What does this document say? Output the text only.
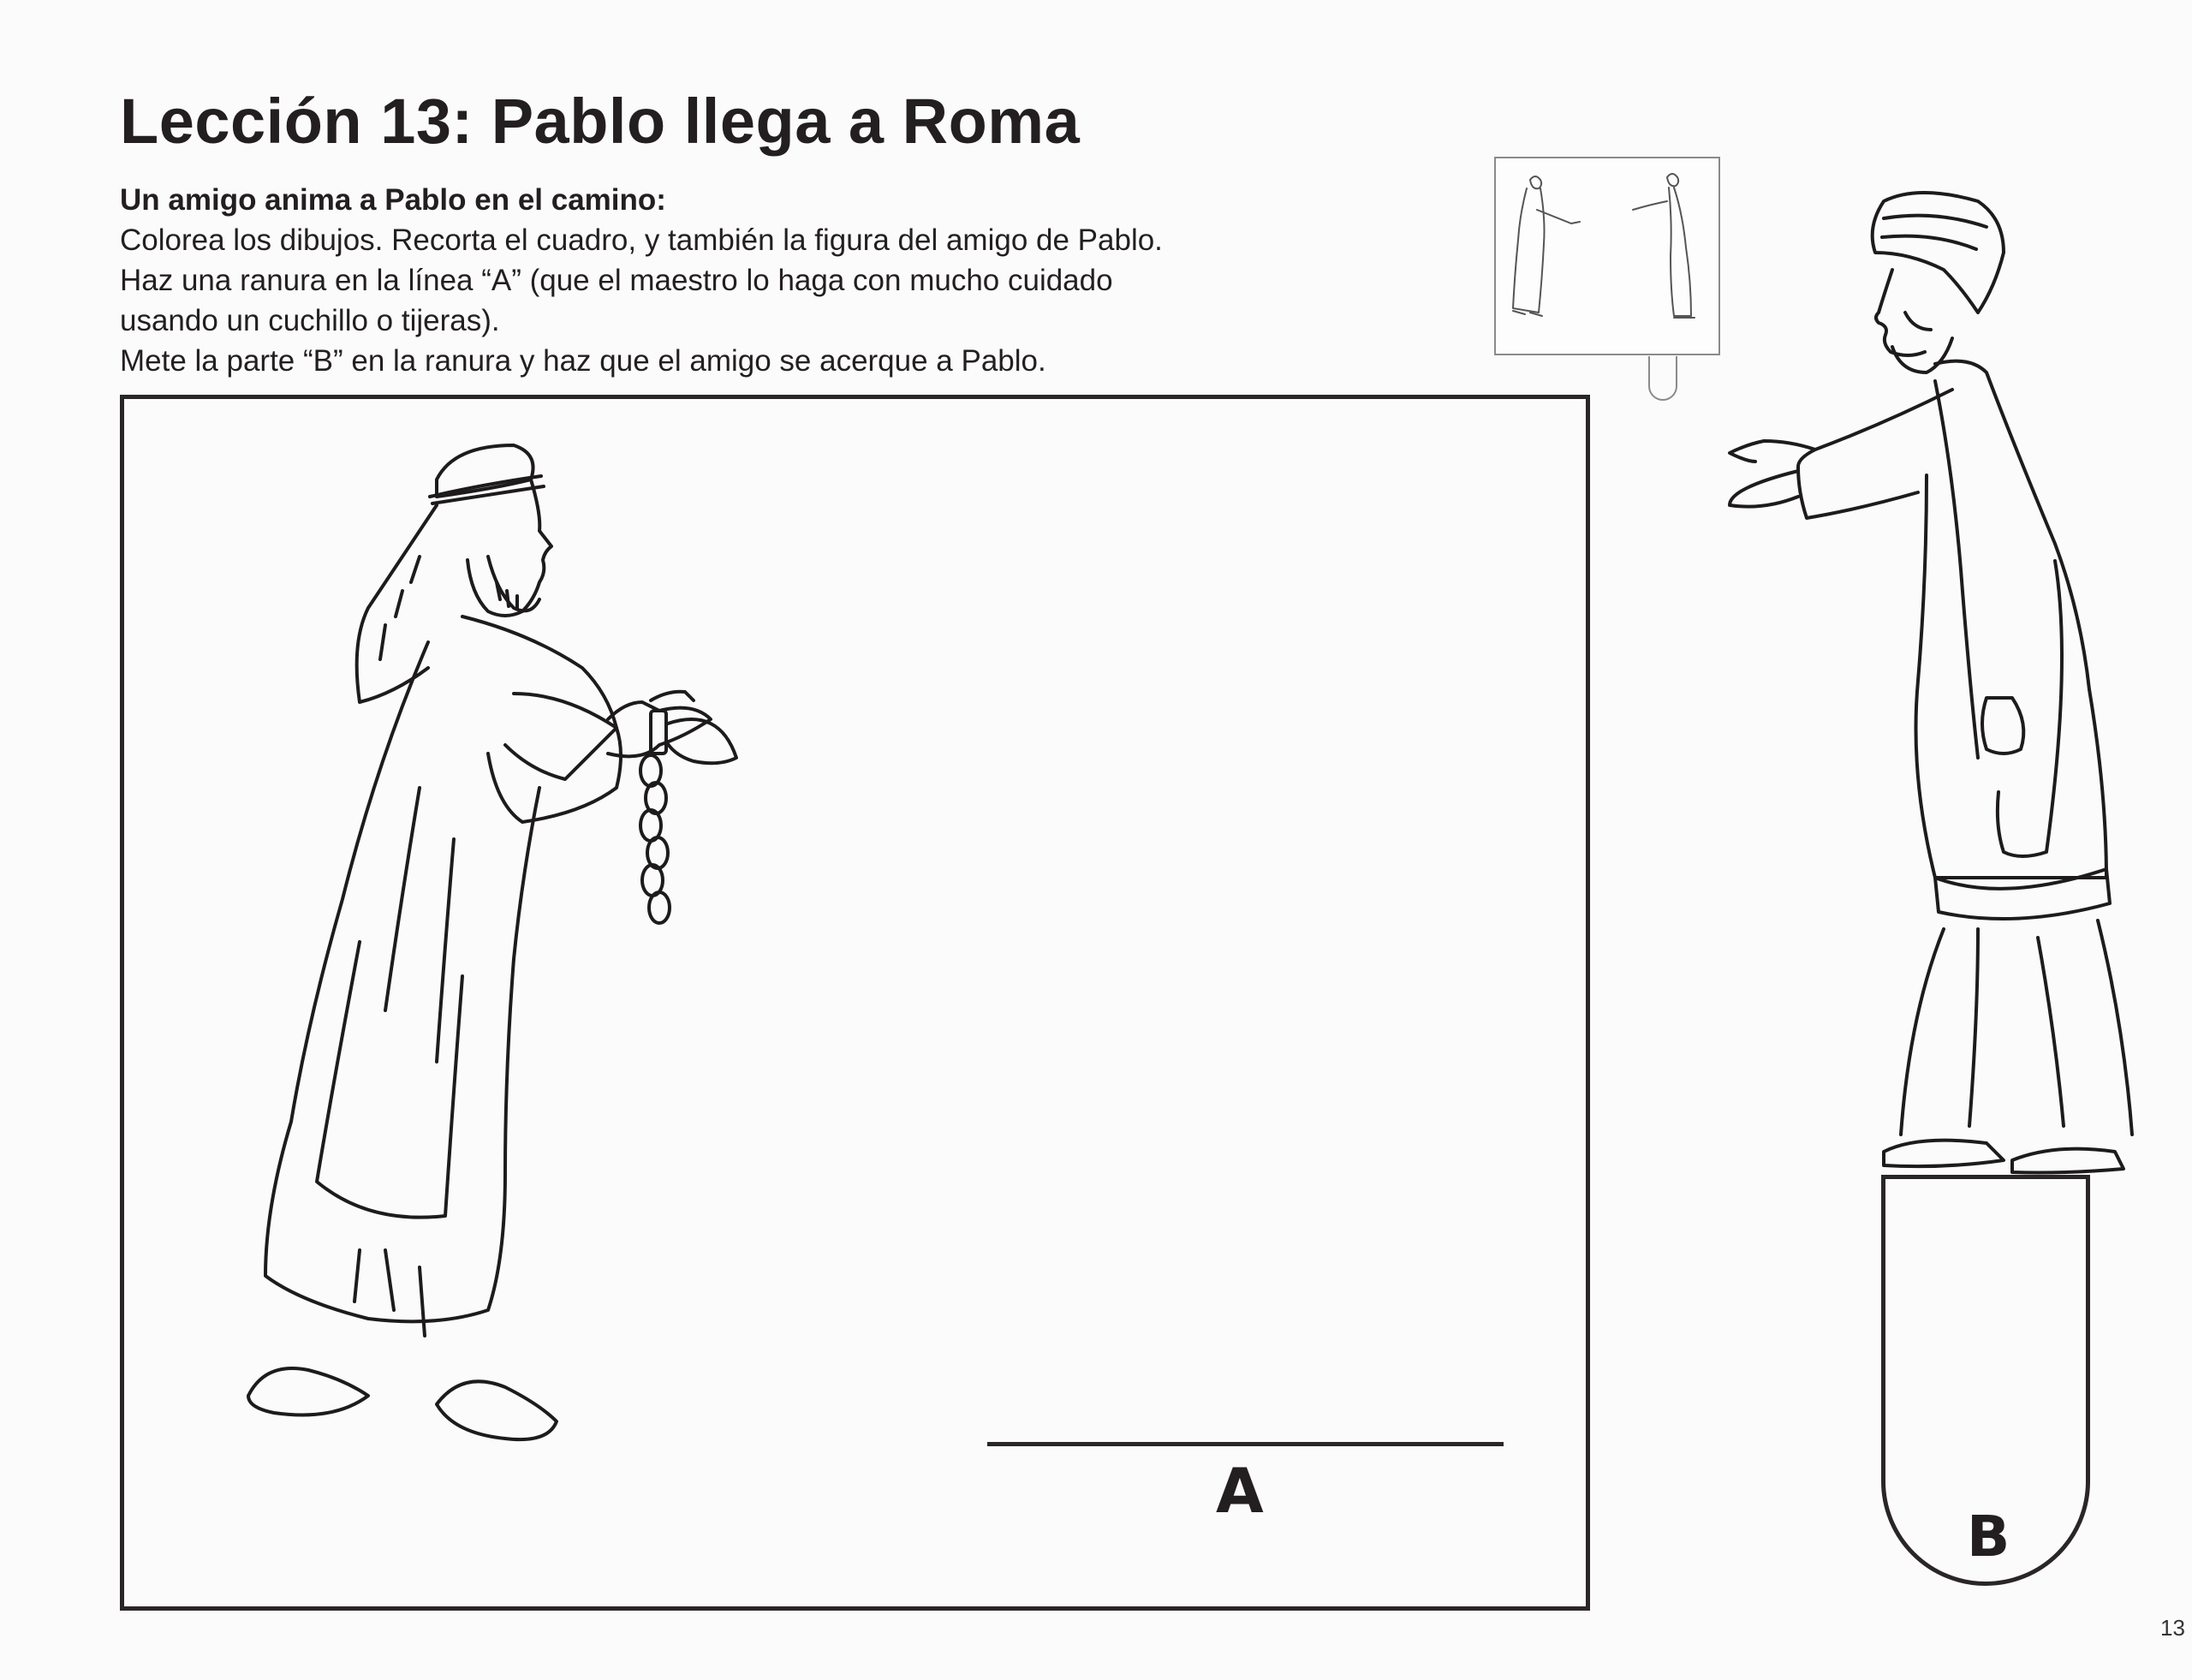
Lección 13: Pablo llega a Roma
Un amigo anima a Pablo en el camino:
Colorea los dibujos. Recorta el cuadro, y también la figura del amigo de Pablo.
Haz una ranura en la línea “A” (que el maestro lo haga con mucho cuidado
usando un cuchillo o tijeras).
Mete la parte “B” en la ranura y haz que el amigo se acerque a Pablo.
A
B
13
